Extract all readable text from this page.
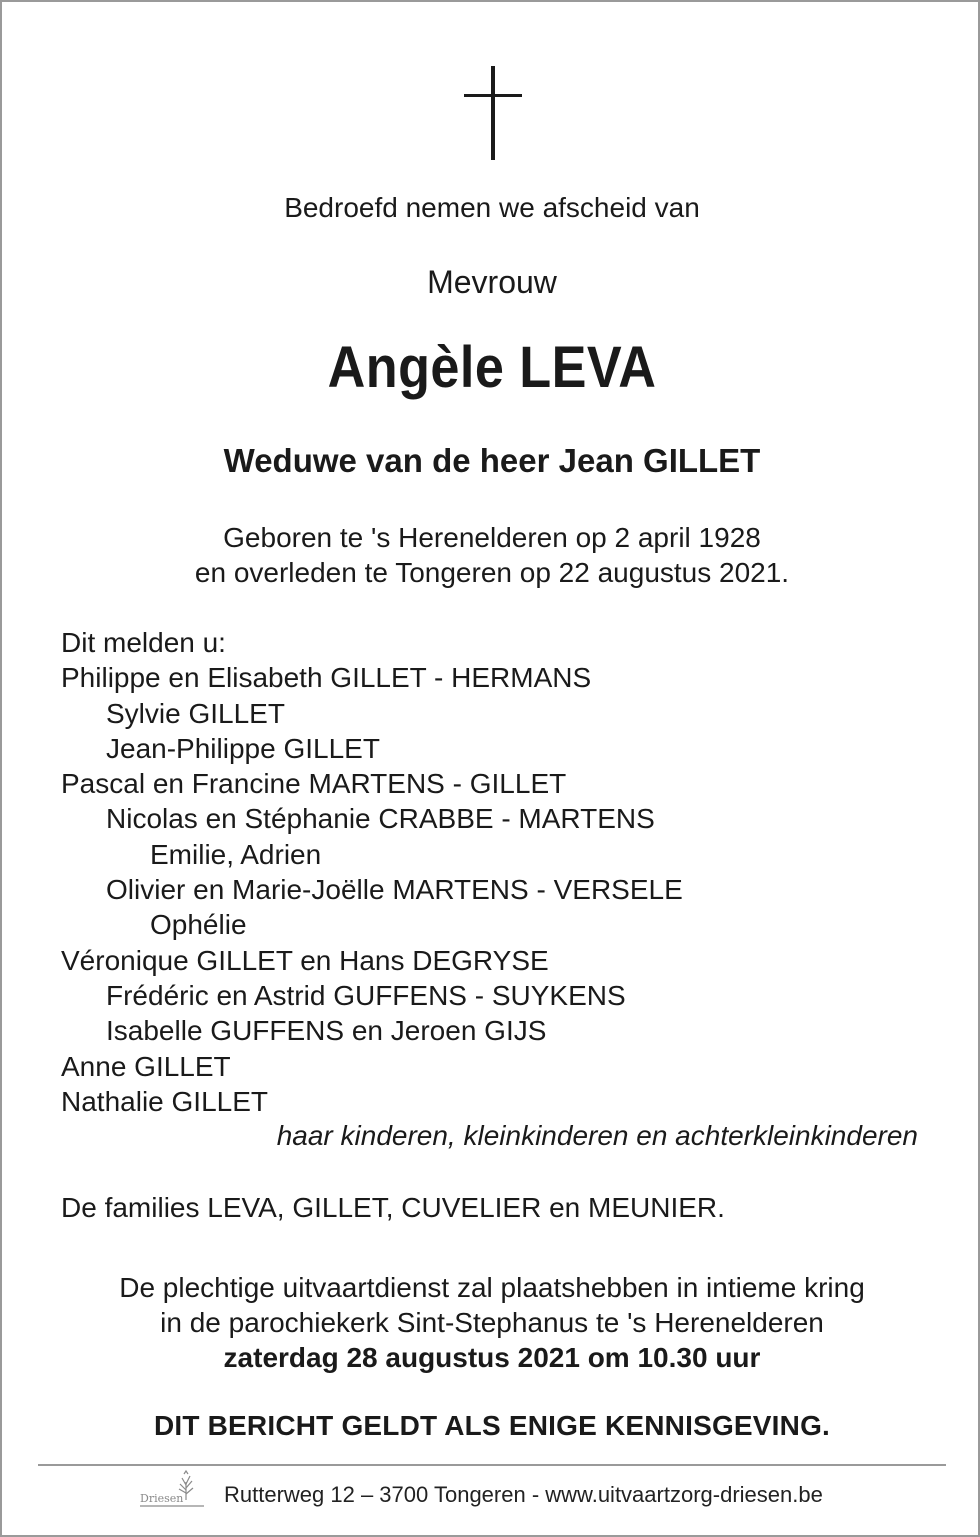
Bedroefd nemen we afscheid van
Mevrouw
Angèle LEVA
Weduwe van de heer Jean GILLET
Geboren te 's Herenelderen op 2 april 1928
en overleden te Tongeren op 22 augustus 2021.
Dit melden u:
Philippe en Elisabeth GILLET - HERMANS
Sylvie GILLET
Jean-Philippe GILLET
Pascal en Francine MARTENS - GILLET
Nicolas en Stéphanie CRABBE - MARTENS
Emilie, Adrien
Olivier en Marie-Joëlle MARTENS - VERSELE
Ophélie
Véronique GILLET en Hans DEGRYSE
Frédéric en Astrid GUFFENS - SUYKENS
Isabelle GUFFENS en Jeroen GIJS
Anne GILLET
Nathalie GILLET
haar kinderen, kleinkinderen en achterkleinkinderen
De families LEVA, GILLET, CUVELIER en MEUNIER.
De plechtige uitvaartdienst zal plaatshebben in intieme kring
in de parochiekerk Sint-Stephanus te 's Herenelderen
zaterdag 28 augustus 2021 om 10.30 uur
DIT BERICHT GELDT ALS ENIGE KENNISGEVING.
Driesen Rutterweg 12 – 3700 Tongeren - www.uitvaartzorg-driesen.be
